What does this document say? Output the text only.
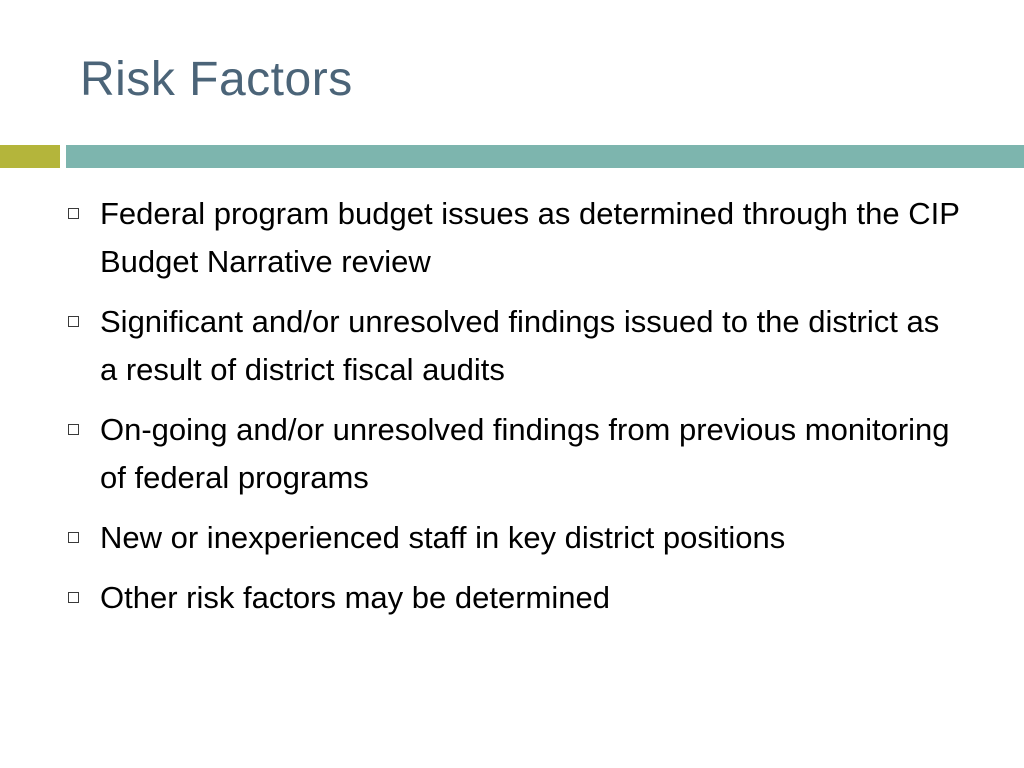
Risk Factors
Federal program budget issues as determined through the CIP Budget Narrative review
Significant and/or unresolved findings issued to the district as a result of district fiscal audits
On-going and/or unresolved findings from previous monitoring of federal programs
New or inexperienced staff in key district positions
Other risk factors may be determined
